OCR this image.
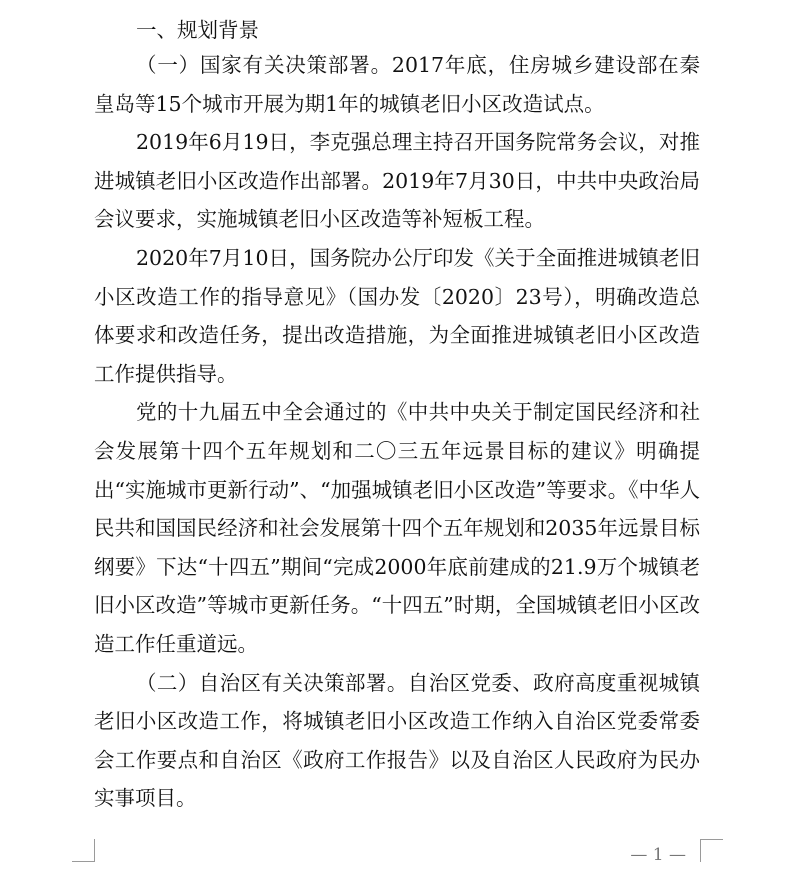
一、规划背景

（一）国家有关决策部署。2017年底，住房城乡建设部在秦皇岛等15个城市开展为期1年的城镇老旧小区改造试点。

2019年6月19日，李克强总理主持召开国务院常务会议，对推进城镇老旧小区改造作出部署。2019年7月30日，中共中央政治局会议要求，实施城镇老旧小区改造等补短板工程。

2020年7月10日，国务院办公厅印发《关于全面推进城镇老旧小区改造工作的指导意见》（国办发〔2020〕23号），明确改造总体要求和改造任务，提出改造措施，为全面推进城镇老旧小区改造工作提供指导。

党的十九届五中全会通过的《中共中央关于制定国民经济和社会发展第十四个五年规划和二〇三五年远景目标的建议》明确提出“实施城市更新行动”、“加强城镇老旧小区改造”等要求。《中华人民共和国国民经济和社会发展第十四个五年规划和2035年远景目标纲要》下达“十四五”期间“完成2000年底前建成的21.9万个城镇老旧小区改造”等城市更新任务。“十四五”时期，全国城镇老旧小区改造工作任重道远。

（二）自治区有关决策部署。自治区党委、政府高度重视城镇老旧小区改造工作，将城镇老旧小区改造工作纳入自治区党委常委会工作要点和自治区《政府工作报告》以及自治区人民政府为民办实事项目。

— 1 —
